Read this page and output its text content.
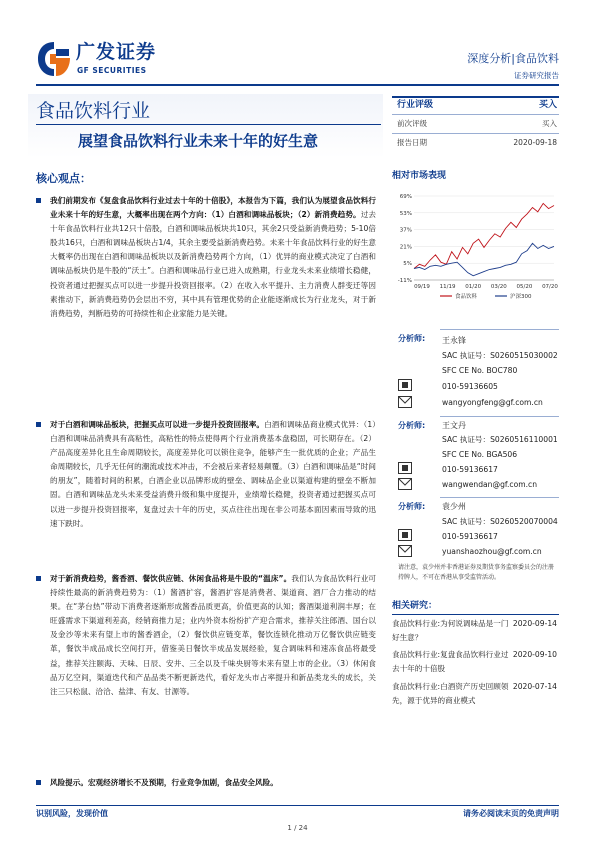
广发证券
GF SECURITIES
深度分析|食品饮料
证券研究报告
食品饮料行业
展望食品饮料行业未来十年的好生意
行业评级	买入
前次评级	买入
报告日期	2020-09-18
核心观点：
我们前期发布《复盘食品饮料行业过去十年的十倍股》，本报告为下篇，我们认为展望食品饮料行业未来十年的好生意，大概率出现在两个方向：（1）白酒和调味品板块；（2）新消费趋势。过去十年食品饮料行业共12只十倍股，白酒和调味品板块共10只，其余2只受益新消费趋势；5-10倍股共16只，白酒和调味品板块占1/4，其余主要受益新消费趋势。未来十年食品饮料行业的好生意大概率仍出现在白酒和调味品板块以及新消费趋势两个方向，（1）优异的商业模式决定了白酒和调味品板块仍是牛股的“沃土”。白酒和调味品行业已进入成熟期，行业龙头未来业绩增长稳健，投资者通过把握买点可以进一步提升投资回报率。（2）在收入水平提升、主力消费人群变迁等因素推动下，新消费趋势仍会层出不穷，其中具有管理优势的企业能逐渐成长为行业龙头，对于新消费趋势，判断趋势的可持续性和企业家能力是关键。
对于白酒和调味品板块，把握买点可以进一步提升投资回报率。白酒和调味品商业模式优异：（1）白酒和调味品消费具有高粘性，高粘性的特点使得两个行业消费基本盘稳固，可长期存在。（2）产品高度差异化且生命周期较长，高度差异化可以锁住竞争，能够产生一批优质的企业；产品生命周期较长，几乎无任何的潮流或技术冲击，不会被后来者轻易颠覆。（3）白酒和调味品是“时间的朋友”，随着时间的积累，白酒企业以品牌形成的壁垒、调味品企业以渠道构建的壁垒不断加固。白酒和调味品龙头未来受益消费升级和集中度提升，业绩增长稳健，投资者通过把握买点可以进一步提升投资回报率，复盘过去十年的历史，买点往往出现在非公司基本面因素而导致的迅速下跌时。
对于新消费趋势，酱香酒、餐饮供应链、休闲食品将是牛股的“温床”。我们认为食品饮料行业可持续性最高的新消费趋势为：（1）酱酒扩容，酱酒扩容是消费者、渠道商、酒厂合力推动的结果。在“茅台热”带动下消费者逐渐形成酱香品质更高，价值更高的认知；酱酒渠道利润丰厚；在旺盛需求下渠道利差高，经销商推力足；业内外资本纷纷扩产迎合需求，推荐关注郎酒、国台以及金沙等未来有望上市的酱香酒企，（2）餐饮供应链变革，餐饮连锁化推动万亿餐饮供应链变革，餐饮半成品成长空间打开，借鉴美日餐饮半成品发展经验，复合调味料和速冻食品将最受益，推荐关注颐海、天味、日辰、安井、三全以及千味央厨等未来有望上市的企业。（3）休闲食品万亿空间，渠道迭代和产品品类不断更新迭代，看好龙头市占率提升和新品类龙头的成长，关注三只松鼠、洽洽、盐津、有友、甘源等。
风险提示。宏观经济增长不及预期，行业竞争加剧，食品安全风险。
相对市场表现
-11%
5%
21%
37%
53%
69%
09/19 11/19 01/20 03/20 05/20 07/20
食品饮料	沪深300
分析师: 王永锋
SAC 执证号：S0260515030002
SFC CE No. BOC780
010-59136605
wangyongfeng@gf.com.cn
分析师: 王文丹
SAC 执证号：S0260516110001
SFC CE No. BGA506
010-59136617
wangwendan@gf.com.cn
分析师: 袁少州
SAC 执证号：S0260520070004
010-59136617
yuanshaozhou@gf.com.cn
请注意，袁少州并非香港证券及期货事务监察委员会的注册持牌人，不可在香港从事受监管活动。
相关研究：
食品饮料行业:为何说调味品是一门好生意？
2020-09-14
食品饮料行业:复盘食品饮料行业过去十年的十倍股
2020-09-10
食品饮料行业:白酒资产历史回顾领先，源于优异的商业模式
2020-07-14
识别风险，发现价值	请务必阅读末页的免责声明
1 / 24
